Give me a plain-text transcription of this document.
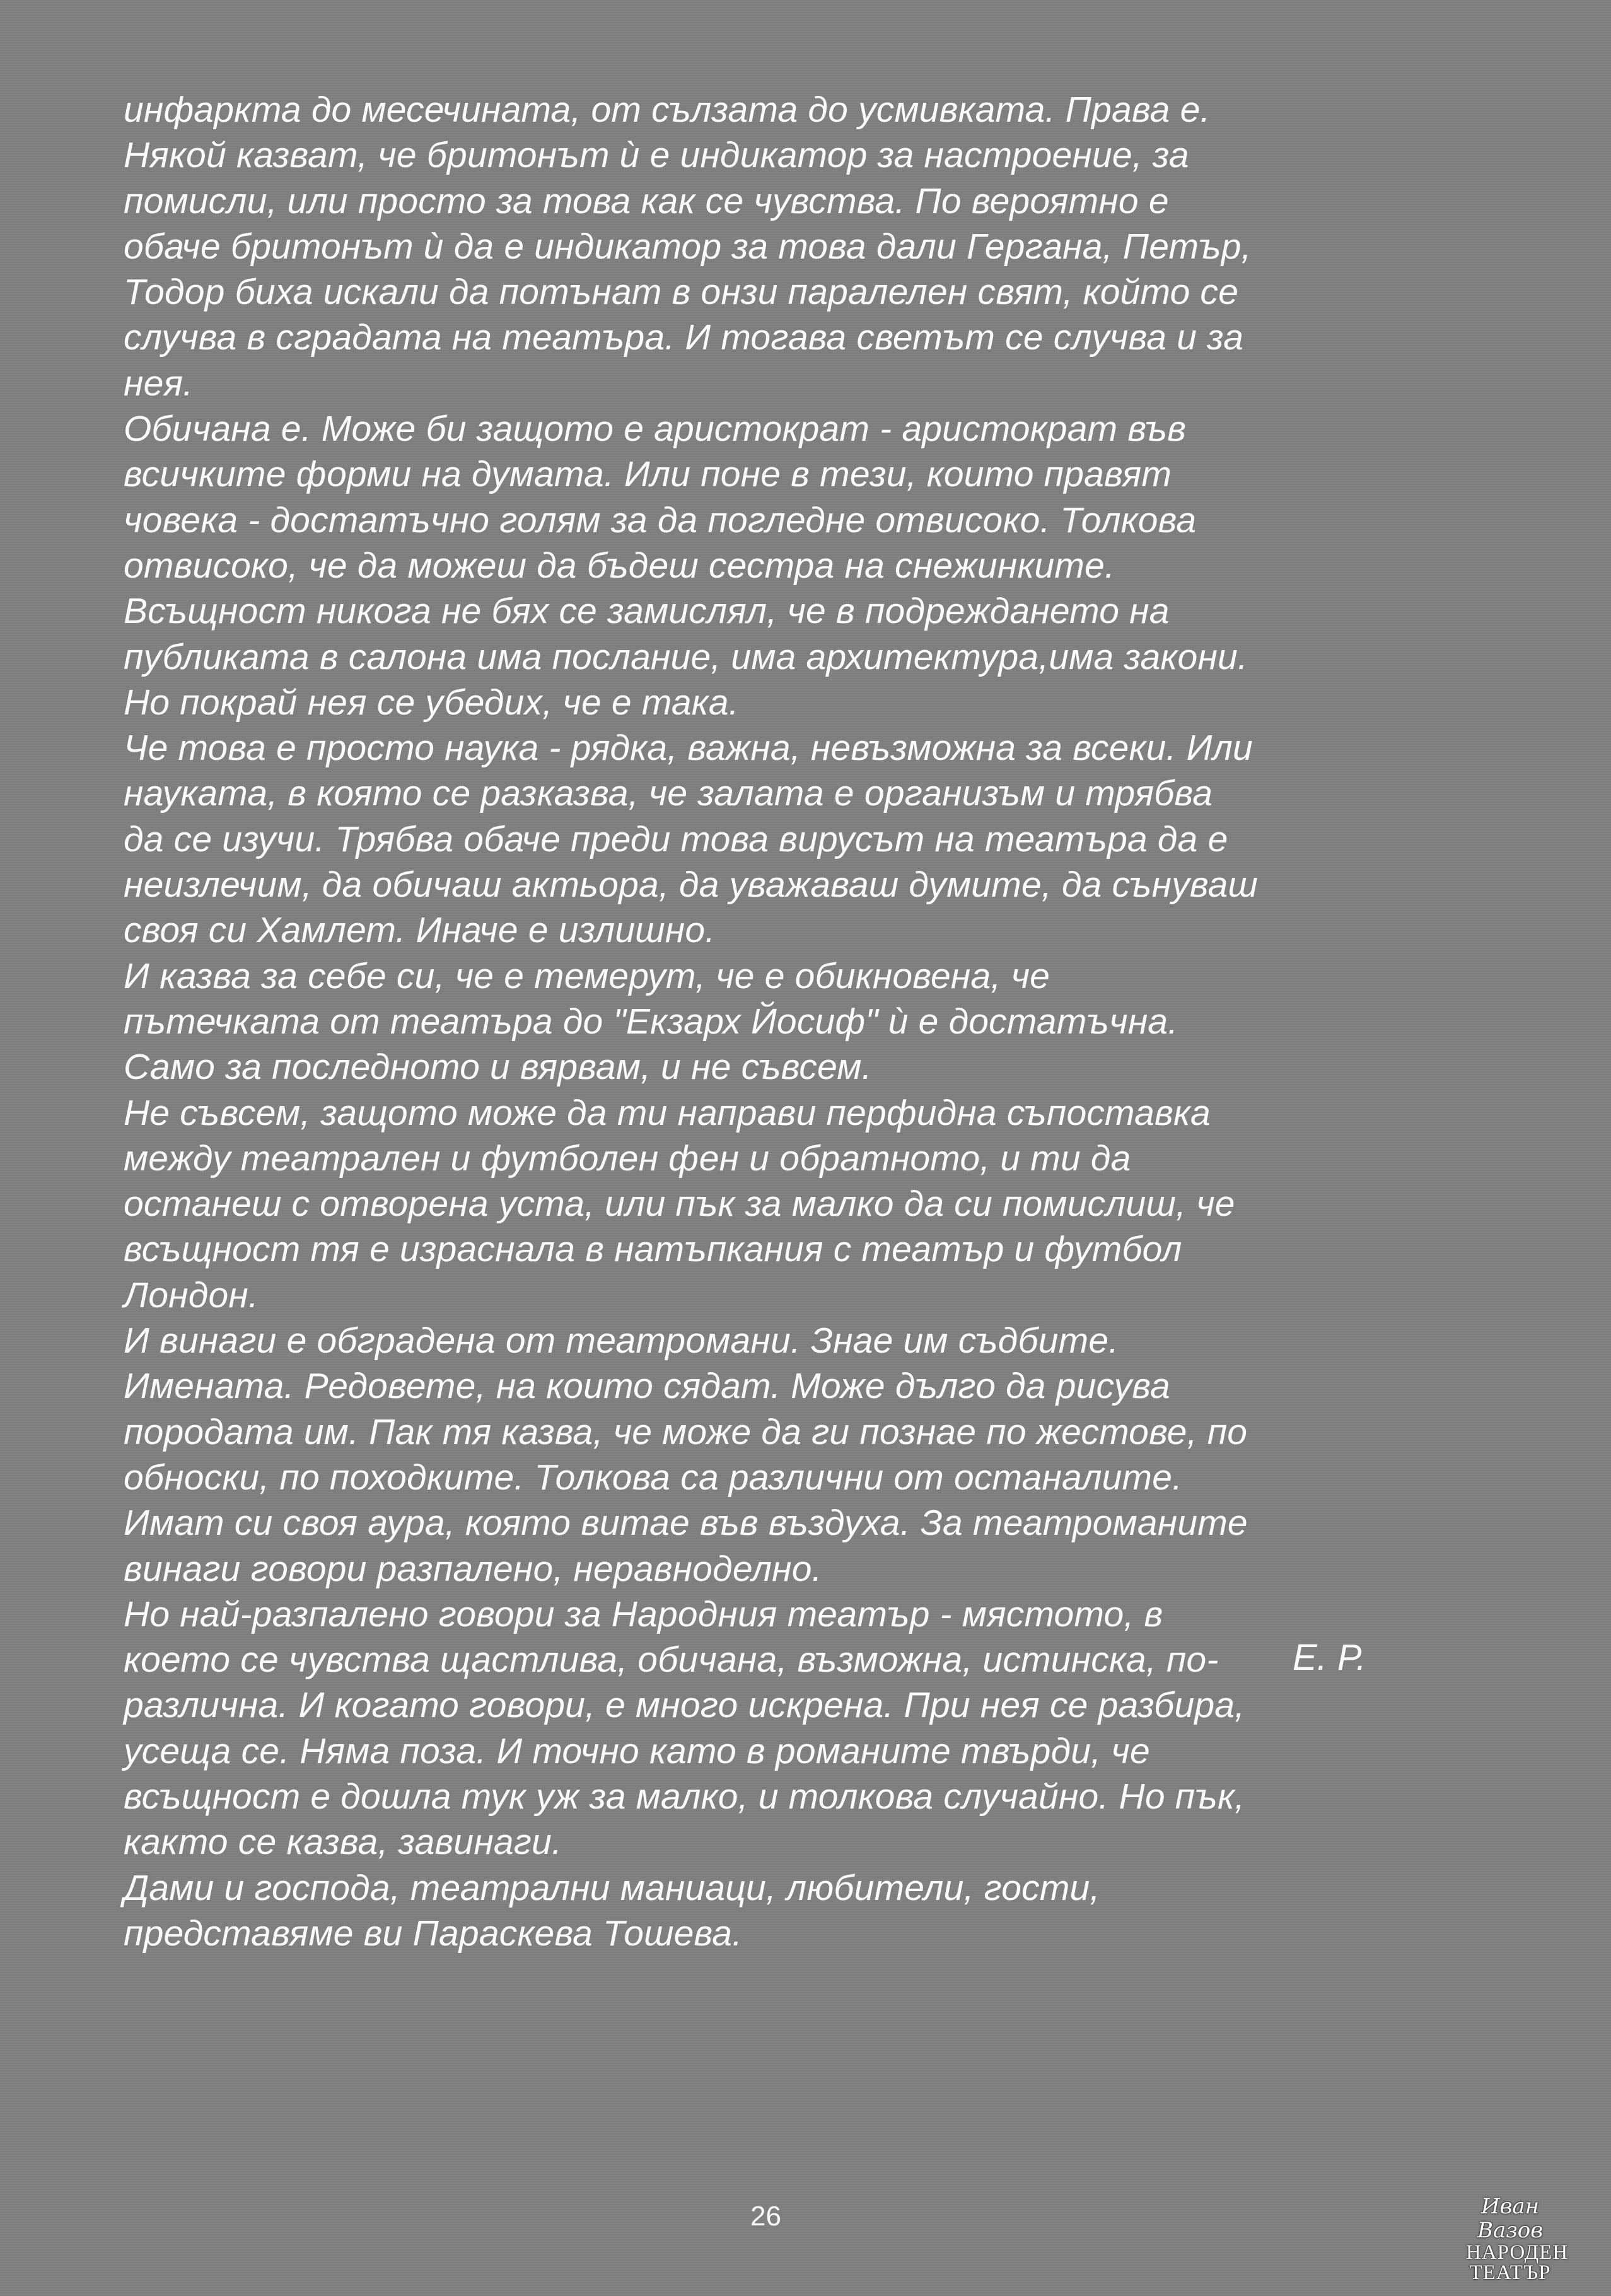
инфаркта до месечината, от сълзата до усмивката. Права е.
Някой казват, че бритонът ѝ е индикатор за настроение, за
помисли, или просто за това как се чувства. По вероятно е
обаче бритонът ѝ да е индикатор за това дали Гергана, Петър,
Тодор биха искали да потънат в онзи паралелен свят, който се
случва в сградата на театъра. И тогава светът се случва и за
нея.
Обичана е. Може би защото е аристократ - аристократ във
всичките форми на думата. Или поне в тези, които правят
човека - достатъчно голям за да погледне отвисоко. Толкова
отвисоко, че да можеш да бъдеш сестра на снежинките.
Всъщност никога не бях се замислял, че в подреждането на
публиката в салона има послание, има архитектура,има закони.
Но покрай нея се убедих, че е така.
Че това е просто наука - рядка, важна, невъзможна за всеки. Или
науката, в която се разказва, че залата е организъм и трябва
да се изучи. Трябва обаче преди това вирусът на театъра да е
неизлечим, да обичаш актьора, да уважаваш думите, да сънуваш
своя си Хамлет. Иначе е излишно.
И казва за себе си, че е темерут, че е обикновена, че
пътечката от театъра до "Екзарх Йосиф" ѝ е достатъчна.
Само за последното и вярвам, и не съвсем.
Не съвсем, защото може да ти направи перфидна съпоставка
между театрален и футболен фен и обратното, и ти да
останеш с отворена уста, или пък за малко да си помислиш, че
всъщност тя е израснала в натъпкания с театър и футбол
Лондон.
И винаги е обградена от театромани. Знае им съдбите.
Имената. Редовете, на които сядат. Може дълго да рисува
породата им. Пак тя казва, че може да ги познае по жестове, по
обноски, по походките. Толкова са различни от останалите.
Имат си своя аура, която витае във въздуха. За театроманите
винаги говори разпалено, неравноделно.
Но най-разпалено говори за Народния театър - мястото, в
което се чувства щастлива, обичана, възможна, истинска, по-
различна. И когато говори, е много искрена. При нея се разбира,
усеща се. Няма поза. И точно като в романите твърди, че
всъщност е дошла тук уж за малко, и толкова случайно. Но пък,
както се казва, завинаги.
Дами и господа, театрални маниаци, любители, гости,
представяме ви Параскева Тошева.
Е. Р.
26	Иван Вазов
НАРОДЕН
ТЕАТЪР
